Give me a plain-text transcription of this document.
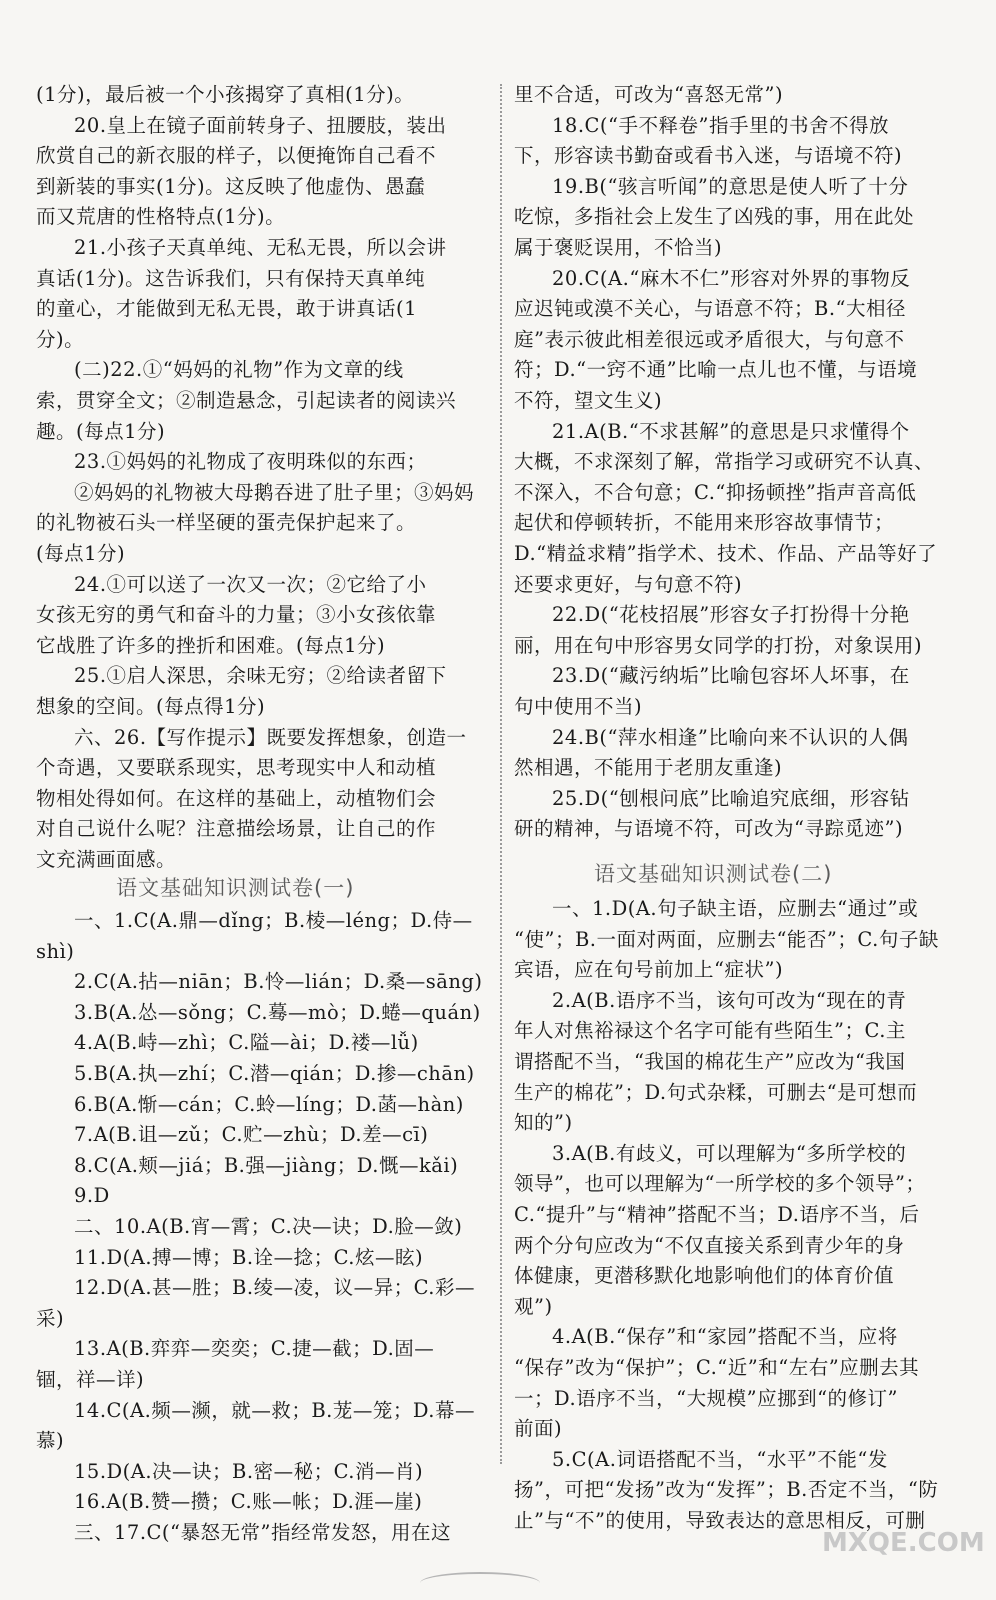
(1分)，最后被一个小孩揭穿了真相(1分)。
20.皇上在镜子面前转身子、扭腰肢，装出
欣赏自己的新衣服的样子，以便掩饰自己看不
到新装的事实(1分)。这反映了他虚伪、愚蠢
而又荒唐的性格特点(1分)。
21.小孩子天真单纯、无私无畏，所以会讲
真话(1分)。这告诉我们，只有保持天真单纯
的童心，才能做到无私无畏，敢于讲真话(1
分)。
(二)22.①“妈妈的礼物”作为文章的线
索，贯穿全文；②制造悬念，引起读者的阅读兴
趣。(每点1分)
23.①妈妈的礼物成了夜明珠似的东西；
②妈妈的礼物被大母鹅吞进了肚子里；③妈妈
的礼物被石头一样坚硬的蛋壳保护起来了。
(每点1分)
24.①可以送了一次又一次；②它给了小
女孩无穷的勇气和奋斗的力量；③小女孩依靠
它战胜了许多的挫折和困难。(每点1分)
25.①启人深思，余味无穷；②给读者留下
想象的空间。(每点得1分)
六、26.【写作提示】既要发挥想象，创造一
个奇遇，又要联系现实，思考现实中人和动植
物相处得如何。在这样的基础上，动植物们会
对自己说什么呢？注意描绘场景，让自己的作
文充满画面感。
语文基础知识测试卷(一)
一、1.C(A.鼎—dǐng；B.棱—léng；D.侍—
shì)
2.C(A.拈—niān；B.怜—lián；D.桑—sāng)
3.B(A.怂—sǒng；C.蓦—mò；D.蜷—quán)
4.A(B.峙—zhì；C.隘—ài；D.褛—lǚ)
5.B(A.执—zhí；C.潜—qián；D.掺—chān)
6.B(A.惭—cán；C.蛉—líng；D.菡—hàn)
7.A(B.诅—zǔ；C.贮—zhù；D.差—cī)
8.C(A.颊—jiá；B.强—jiàng；D.慨—kǎi)
9.D
二、10.A(B.宵—霄；C.决—诀；D.脸—敛)
11.D(A.搏—博；B.诠—捻；C.炫—眩)
12.D(A.甚—胜；B.绫—凌，议—异；C.彩—
采)
13.A(B.弈弈—奕奕；C.捷—截；D.固—
锢，祥—详)
14.C(A.频—濒，就—救；B.茏—笼；D.幕—
慕)
15.D(A.决—诀；B.密—秘；C.消—肖)
16.A(B.赞—攒；C.账—帐；D.涯—崖)
三、17.C(“暴怒无常”指经常发怒，用在这
里不合适，可改为“喜怒无常”)
18.C(“手不释卷”指手里的书舍不得放
下，形容读书勤奋或看书入迷，与语境不符)
19.B(“骇言听闻”的意思是使人听了十分
吃惊，多指社会上发生了凶残的事，用在此处
属于褒贬误用，不恰当)
20.C(A.“麻木不仁”形容对外界的事物反
应迟钝或漠不关心，与语意不符；B.“大相径
庭”表示彼此相差很远或矛盾很大，与句意不
符；D.“一窍不通”比喻一点儿也不懂，与语境
不符，望文生义)
21.A(B.“不求甚解”的意思是只求懂得个
大概，不求深刻了解，常指学习或研究不认真、
不深入，不合句意；C.“抑扬顿挫”指声音高低
起伏和停顿转折，不能用来形容故事情节；
D.“精益求精”指学术、技术、作品、产品等好了
还要求更好，与句意不符)
22.D(“花枝招展”形容女子打扮得十分艳
丽，用在句中形容男女同学的打扮，对象误用)
23.D(“藏污纳垢”比喻包容坏人坏事，在
句中使用不当)
24.B(“萍水相逢”比喻向来不认识的人偶
然相遇，不能用于老朋友重逢)
25.D(“刨根问底”比喻追究底细，形容钻
研的精神，与语境不符，可改为“寻踪觅迹”)
语文基础知识测试卷(二)
一、1.D(A.句子缺主语，应删去“通过”或
“使”；B.一面对两面，应删去“能否”；C.句子缺
宾语，应在句号前加上“症状”)
2.A(B.语序不当，该句可改为“现在的青
年人对焦裕禄这个名字可能有些陌生”；C.主
谓搭配不当，“我国的棉花生产”应改为“我国
生产的棉花”；D.句式杂糅，可删去“是可想而
知的”)
3.A(B.有歧义，可以理解为“多所学校的
领导”，也可以理解为“一所学校的多个领导”；
C.“提升”与“精神”搭配不当；D.语序不当，后
两个分句应改为“不仅直接关系到青少年的身
体健康，更潜移默化地影响他们的体育价值
观”)
4.A(B.“保存”和“家园”搭配不当，应将
“保存”改为“保护”；C.“近”和“左右”应删去其
一；D.语序不当，“大规模”应挪到“的修订”
前面)
5.C(A.词语搭配不当，“水平”不能“发
扬”，可把“发扬”改为“发挥”；B.否定不当，“防
止”与“不”的使用，导致表达的意思相反，可删
MXQE.COM
